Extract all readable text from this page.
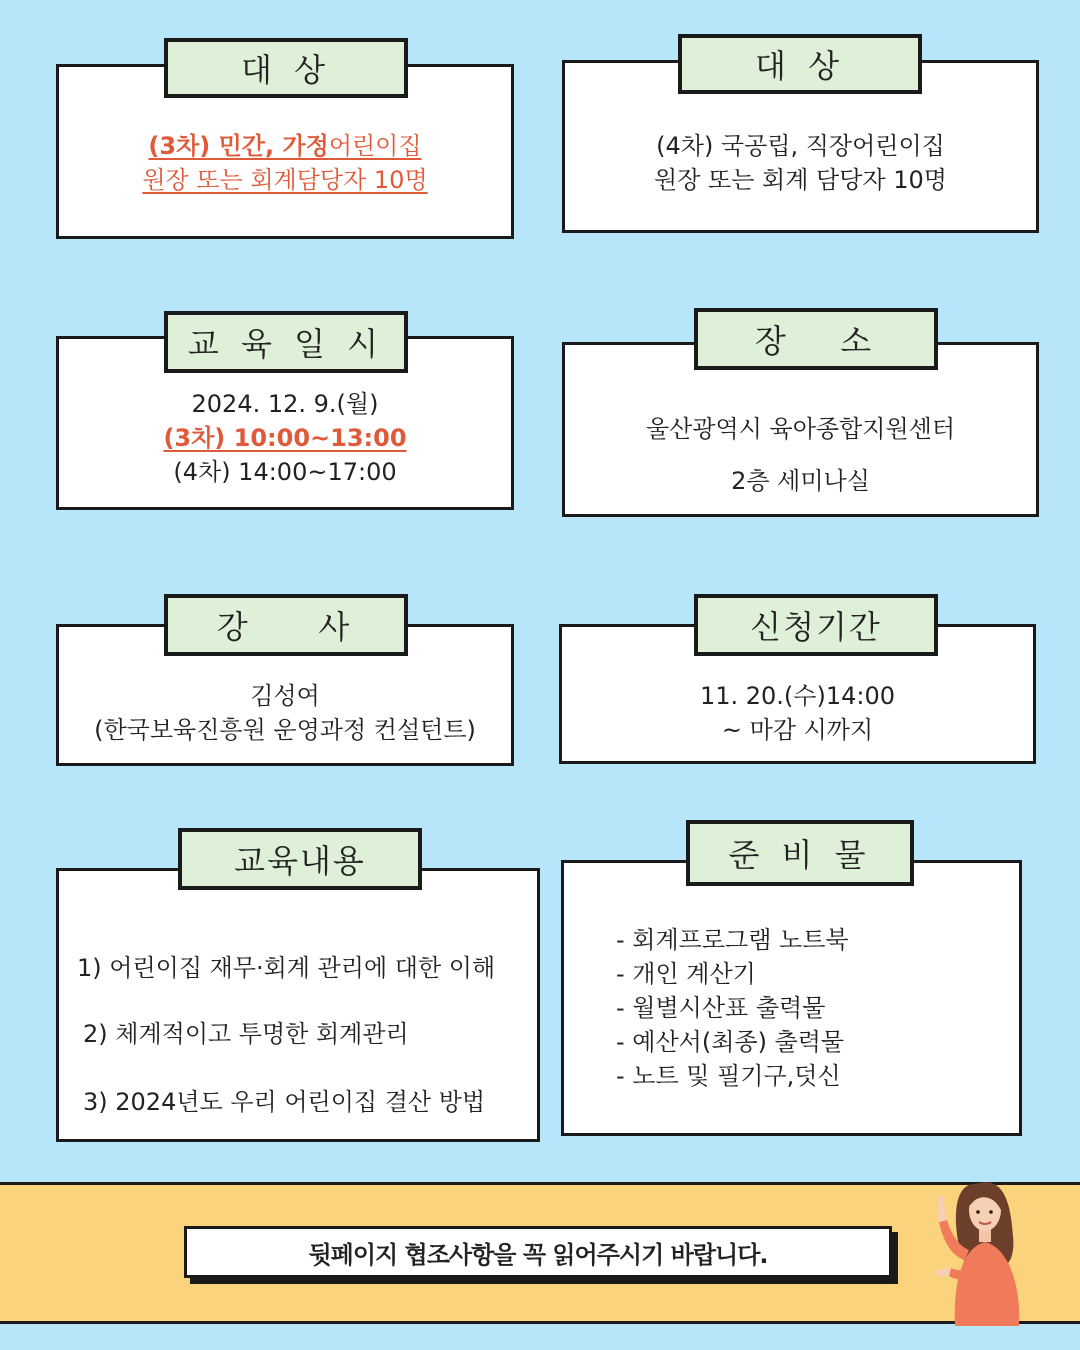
(3차) 민간, 가정어린이집
원장 또는 회계담당자 10명
대 상
(4차) 국공립, 직장어린이집
원장 또는 회계 담당자 10명
대 상
2024. 12. 9.(월)
(3차) 10:00~13:00
(4차) 14:00~17:00
교 육 일 시
울산광역시 육아종합지원센터
2층 세미나실
장   소
김성여
(한국보육진흥원 운영과정 컨설턴트)
강    사
11. 20.(수)14:00
~ 마감 시까지
신청기간
1) 어린이집 재무·회계 관리에 대한 이해
2) 체계적이고 투명한 회계관리
3) 2024년도 우리 어린이집 결산 방법
교육내용
- 회계프로그램 노트북
- 개인 계산기
- 월별시산표 출력물
- 예산서(최종) 출력물
- 노트 및 필기구,덧신
준 비 물
뒷페이지 협조사항을 꼭 읽어주시기 바랍니다.
